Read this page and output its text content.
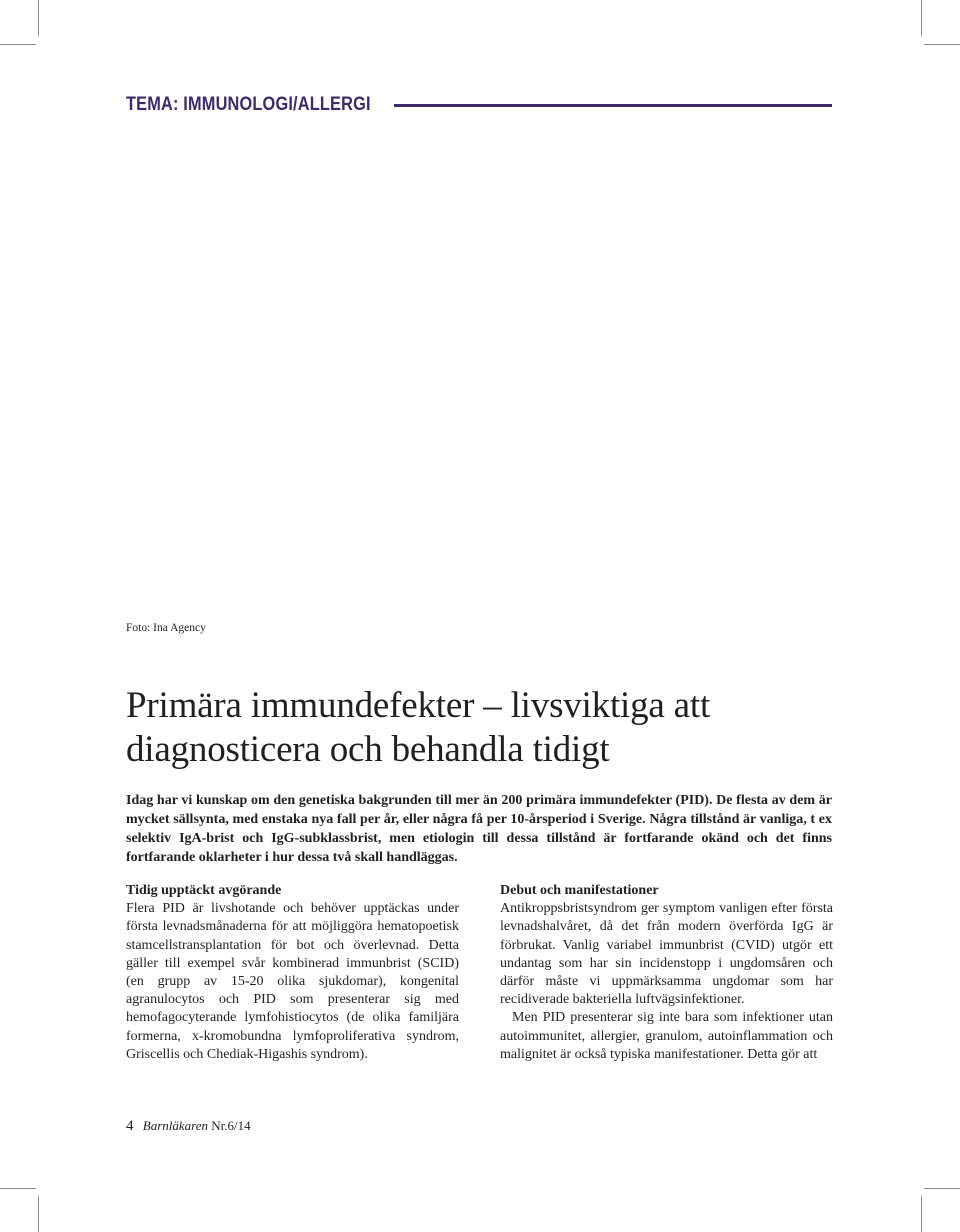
TEMA: IMMUNOLOGI/ALLERGI
Foto: Ina Agency
Primära immundefekter – livsviktiga att
diagnosticera och behandla tidigt
Idag har vi kunskap om den genetiska bakgrunden till mer än 200 primära immundefekter (PID). De flesta av dem är mycket sällsynta, med enstaka nya fall per år, eller några få per 10-årsperiod i Sverige. Några tillstånd är vanliga, t ex selektiv IgA-brist och IgG-subklassbrist, men etiologin till dessa tillstånd är fortfarande okänd och det finns fortfarande oklarheter i hur dessa två skall handläggas.
Tidig upptäckt avgörande

Flera PID är livshotande och behöver upptäckas under första levnadsmånaderna för att möjliggöra hematopoetisk stamcellstransplantation för bot och överlevnad. Detta gäller till exempel svår kombinerad immunbrist (SCID) (en grupp av 15-20 olika sjukdomar), kongenital agranulocytos och PID som presenterar sig med hemofagocyterande lymfohistiocytos (de olika familjära formerna, x-kromobundna lymfoproliferativa syndrom, Griscellis och Chediak-Higashis syndrom).

Debut och manifestationer

Antikroppsbristsyndrom ger symptom vanligen efter första levnadshalvåret, då det från modern överförda IgG är förbrukat. Vanlig variabel immunbrist (CVID) utgör ett undantag som har sin incidenstopp i ungdomsåren och därför måste vi uppmärksamma ungdomar som har recidiverade bakteriella luftvägsinfektioner.

Men PID presenterar sig inte bara som infektioner utan autoimmunitet, allergier, granulom, autoinflammation och malignitet är också typiska manifestationer. Detta gör att

4 Barnläkaren Nr.6/14
